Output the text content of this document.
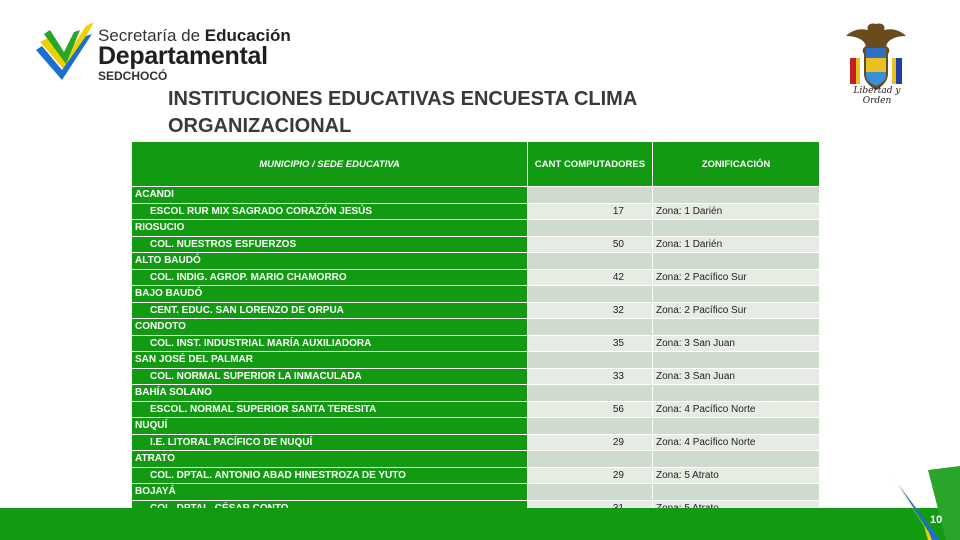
Secretaría de Educación
Departamental
SEDCHOCÓ
Libertad y Orden
INSTITUCIONES EDUCATIVAS ENCUESTA CLIMA ORGANIZACIONAL
MUNICIPIO / SEDE EDUCATIVA	CANT COMPUTADORES	ZONIFICACIÓN
ACANDI		
ESCOL RUR MIX SAGRADO CORAZÓN JESÚS	17	Zona: 1 Darién
RIOSUCIO		
COL. NUESTROS ESFUERZOS	50	Zona: 1 Darién
ALTO BAUDÓ		
COL. INDIG. AGROP. MARIO CHAMORRO	42	Zona: 2 Pacífico Sur
BAJO BAUDÓ		
CENT. EDUC. SAN LORENZO DE ORPUA	32	Zona: 2 Pacífico Sur
CONDOTO		
COL. INST. INDUSTRIAL MARÍA AUXILIADORA	35	Zona: 3 San Juan
SAN JOSÉ DEL PALMAR		
COL. NORMAL SUPERIOR LA INMACULADA	33	Zona: 3 San Juan
BAHÍA SOLANO		
ESCOL. NORMAL SUPERIOR SANTA TERESITA	56	Zona: 4 Pacífico Norte
NUQUÍ		
I.E. LITORAL PACÍFICO DE NUQUÍ	29	Zona: 4 Pacífico Norte
ATRATO		
COL. DPTAL. ANTONIO ABAD HINESTROZA DE YUTO	29	Zona: 5 Atrato
BOJAYÁ		

10
